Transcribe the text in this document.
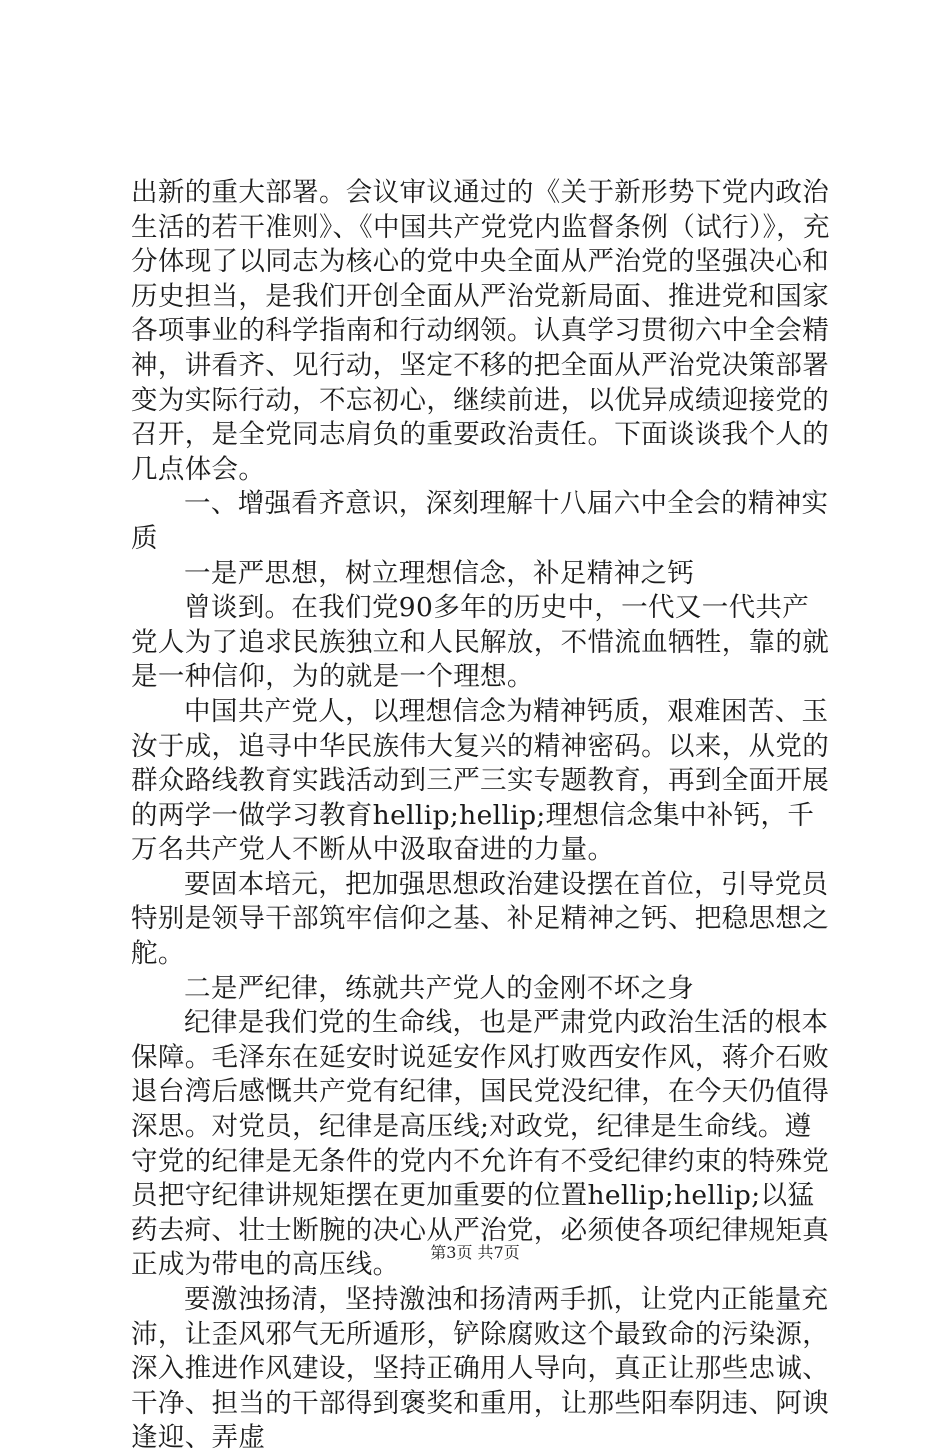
出新的重大部署。会议审议通过的《关于新形势下党内政治生活的若干准则》、《中国共产党党内监督条例（试行）》，充分体现了以同志为核心的党中央全面从严治党的坚强决心和历史担当，是我们开创全面从严治党新局面、推进党和国家各项事业的科学指南和行动纲领。认真学习贯彻六中全会精神，讲看齐、见行动，坚定不移的把全面从严治党决策部署变为实际行动，不忘初心，继续前进，以优异成绩迎接党的召开，是全党同志肩负的重要政治责任。下面谈谈我个人的几点体会。

一、增强看齐意识，深刻理解十八届六中全会的精神实质

一是严思想，树立理想信念，补足精神之钙

曾谈到。在我们党90多年的历史中，一代又一代共产党人为了追求民族独立和人民解放，不惜流血牺牲，靠的就是一种信仰，为的就是一个理想。

中国共产党人，以理想信念为精神钙质，艰难困苦、玉汝于成，追寻中华民族伟大复兴的精神密码。以来，从党的群众路线教育实践活动到三严三实专题教育，再到全面开展的两学一做学习教育hellip;hellip;理想信念集中补钙，千万名共产党人不断从中汲取奋进的力量。

要固本培元，把加强思想政治建设摆在首位，引导党员特别是领导干部筑牢信仰之基、补足精神之钙、把稳思想之舵。

二是严纪律，练就共产党人的金刚不坏之身

纪律是我们党的生命线，也是严肃党内政治生活的根本保障。毛泽东在延安时说延安作风打败西安作风，蒋介石败退台湾后感慨共产党有纪律，国民党没纪律，在今天仍值得深思。对党员，纪律是高压线;对政党，纪律是生命线。遵守党的纪律是无条件的党内不允许有不受纪律约束的特殊党员把守纪律讲规矩摆在更加重要的位置hellip;hellip;以猛药去疴、壮士断腕的决心从严治党，必须使各项纪律规矩真正成为带电的高压线。

要激浊扬清，坚持激浊和扬清两手抓，让党内正能量充沛，让歪风邪气无所遁形，铲除腐败这个最致命的污染源，深入推进作风建设，坚持正确用人导向，真正让那些忠诚、干净、担当的干部得到褒奖和重用，让那些阳奉阴违、阿谀逢迎、弄虚

第3页 共7页
